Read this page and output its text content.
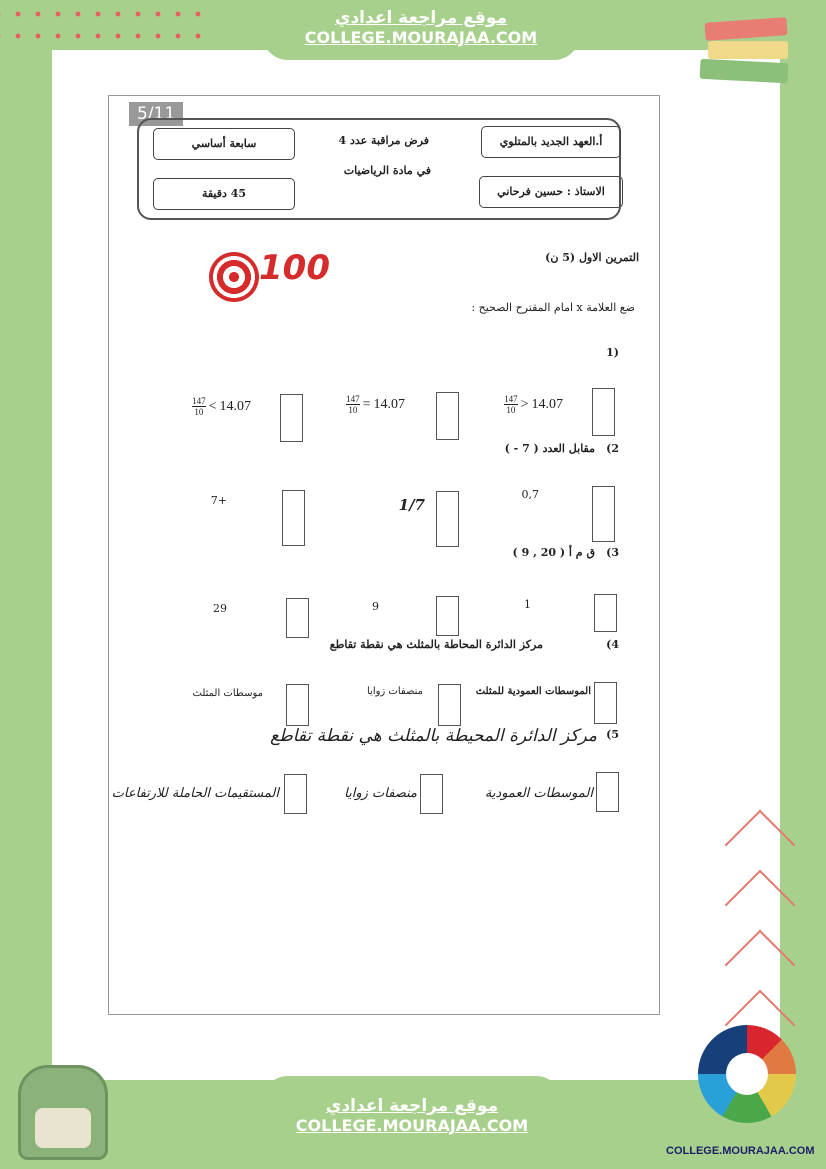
موقع مراجعة اعدادي
COLLEGE.MOURAJAA.COM
5/11
أ.العهد الجديد بالمتلوي
الاستاذ : حسين فرحاني
فرض مراقبة عدد 4
في مادة الرياضيات
سابعة أساسي
45 دقيقة
100	التمرين الاول (5 ن)
ضع العلامة x امام المقترح الصحيح :
(1
$\frac{147}{10} > 14.07$
$\frac{147}{10} = 14.07$
$\frac{147}{10} < 14.07$
2)
مقابل العدد ( 7 - )
0,7
1/7
+7
3)
ق م أ ( 20 , 9 )
1
9
29
4)
مركز الدائرة المحاطة بالمثلث هي نقطة تقاطع
الموسطات العمودية للمثلث
منصفات زوايا
موسطات المثلث
5)
مركز الدائرة المحيطة بالمثلث هي نقطة تقاطع
الموسطات العمودية
منصفات زوايا
المستقيمات الحاملة للارتفاعات
موقع مراجعة اعدادي
COLLEGE.MOURAJAA.COM
COLLEGE.MOURAJAA.COM
